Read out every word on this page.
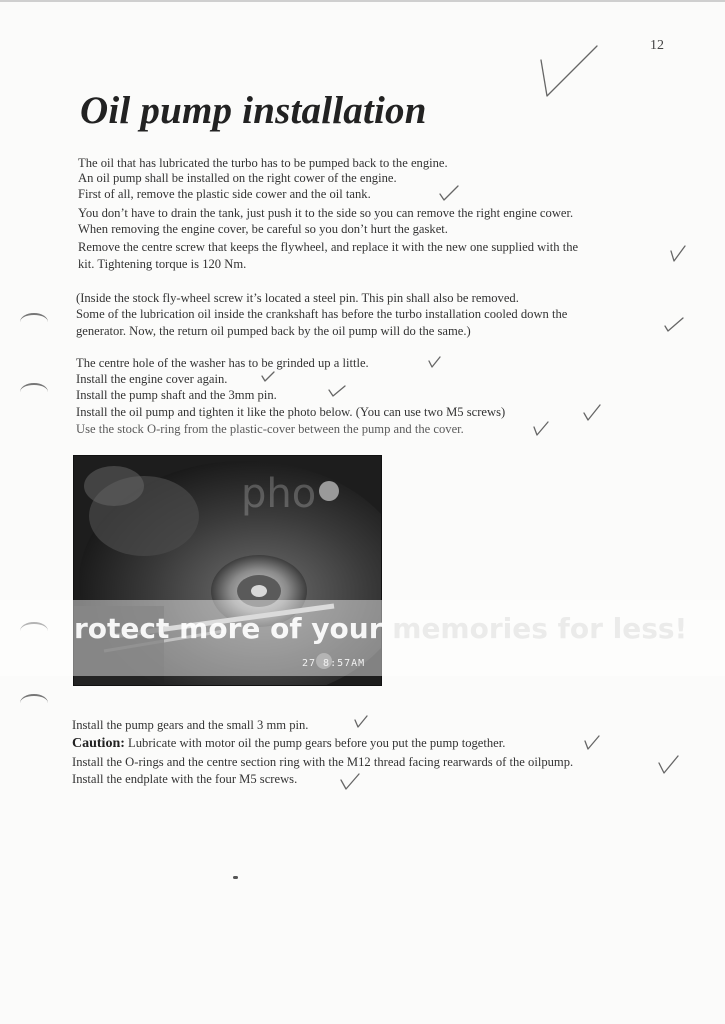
12
Oil pump installation
The oil that has lubricated the turbo has to be pumped back to the engine.
An oil pump shall be installed on the right cower of the engine.
First of all, remove the plastic side cower and the oil tank.
You don’t have to drain the tank, just push it to the side so you can remove the right engine cower.
When removing the engine cover, be careful so you don’t hurt the gasket.
Remove the centre screw that keeps the flywheel, and replace it with the new one supplied with the
kit. Tightening torque is 120 Nm.
(Inside the stock fly-wheel screw it’s located a steel pin. This pin shall also be removed.
Some of the lubrication oil inside the crankshaft has before the turbo installation cooled down the
generator. Now, the return oil pumped back by the oil pump will do the same.)
The centre hole of the washer has to be grinded up a little.
Install the engine cover again.
Install the pump shaft and the 3mm pin.
Install the oil pump and tighten it like the photo below. (You can use two M5 screws)
Use the stock O-ring from the plastic-cover between the pump and the cover.
pho
27 8:57AM
rotect more of your memories for less!
Install the pump gears and the small 3 mm pin.
Caution: Lubricate with motor oil the pump gears before you put the pump together.
Install the O-rings and the centre section ring with the M12 thread facing rearwards of the oilpump.
Install the endplate with the four M5 screws.
